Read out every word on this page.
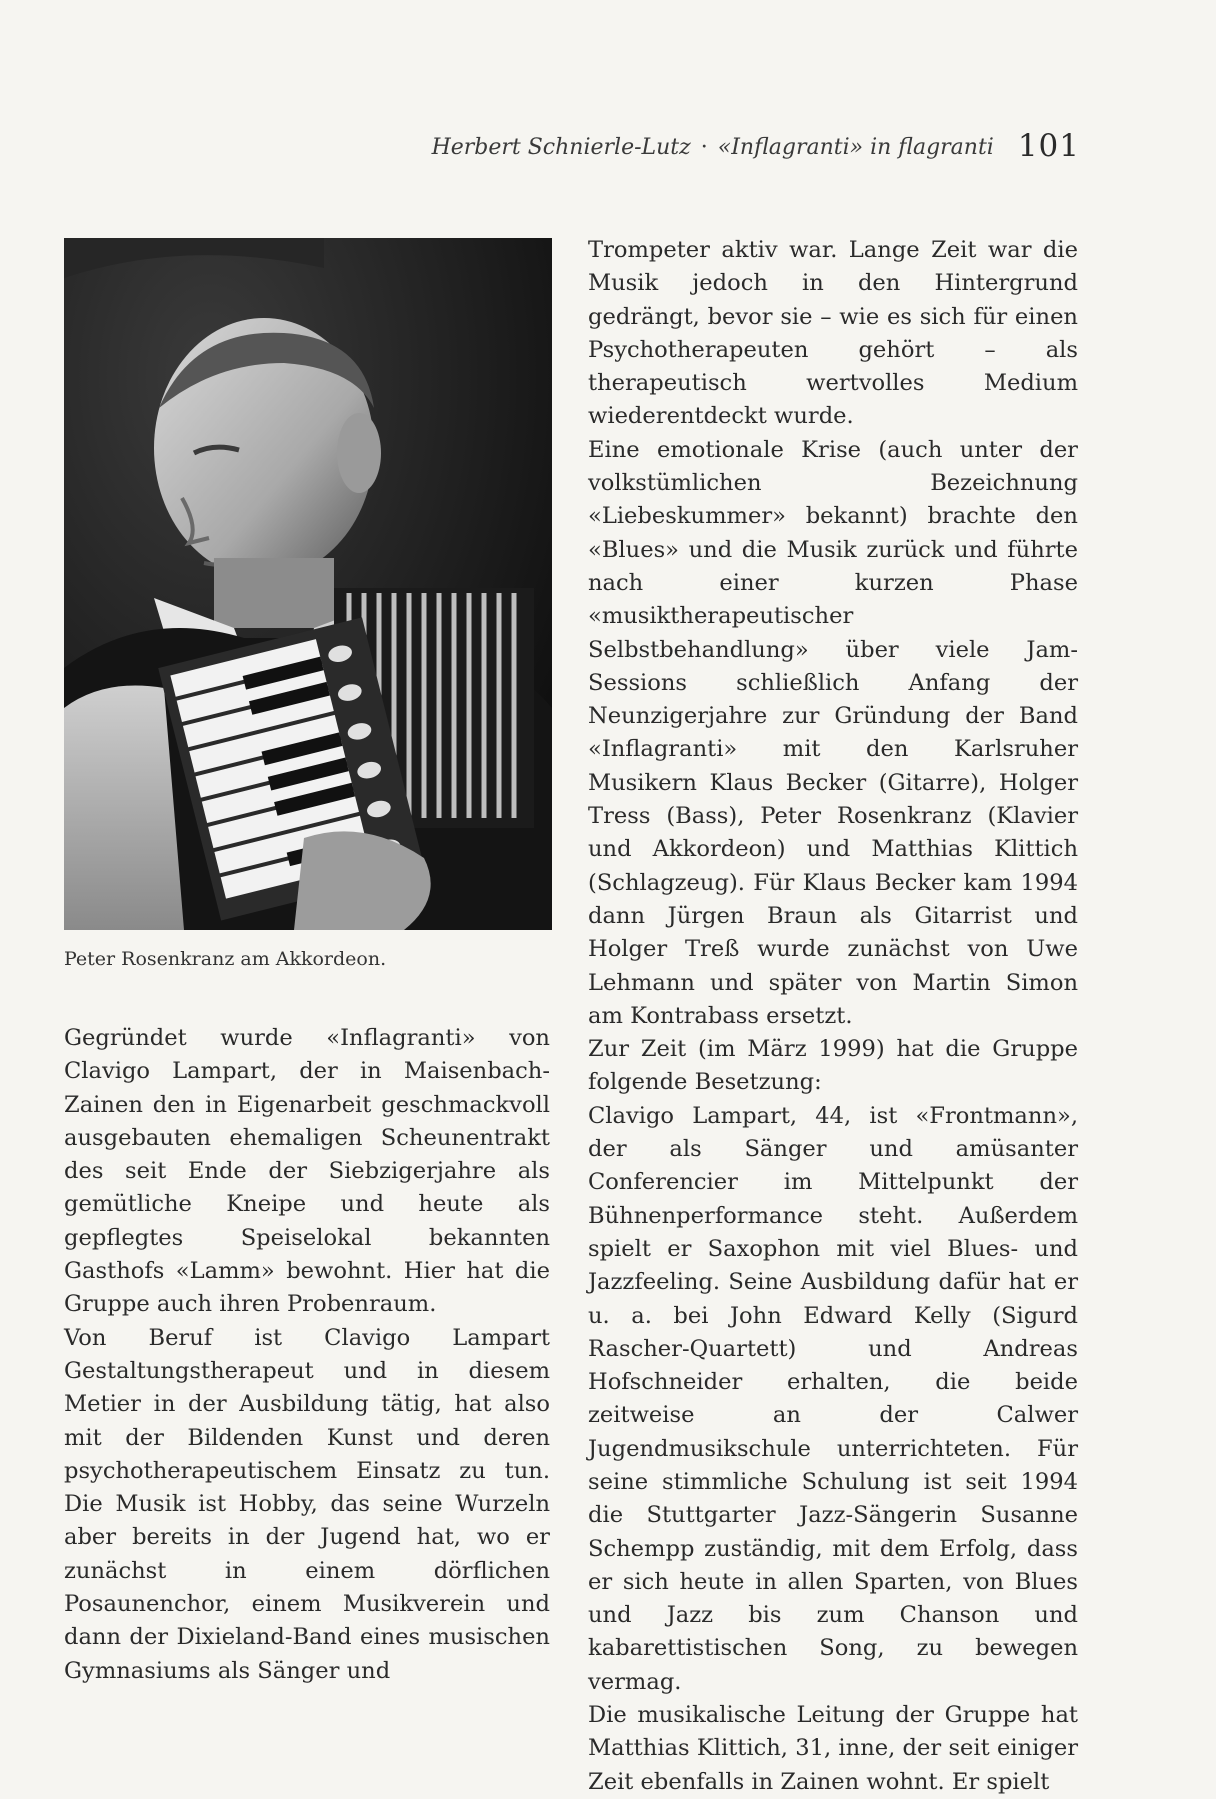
Herbert Schnierle-Lutz · «Inflagranti» in flagranti 101
Peter Rosenkranz am Akkordeon.

Gegründet wurde «Inflagranti» von Clavigo Lampart, der in Maisenbach-Zainen den in Eigenarbeit geschmackvoll ausgebauten ehemaligen Scheunentrakt des seit Ende der Siebzigerjahre als gemütliche Kneipe und heute als gepflegtes Speiselokal bekannten Gasthofs «Lamm» bewohnt. Hier hat die Gruppe auch ihren Probenraum.

Von Beruf ist Clavigo Lampart Gestaltungstherapeut und in diesem Metier in der Ausbildung tätig, hat also mit der Bildenden Kunst und deren psychotherapeutischem Einsatz zu tun. Die Musik ist Hobby, das seine Wurzeln aber bereits in der Jugend hat, wo er zunächst in einem dörflichen Posaunenchor, einem Musikverein und dann der Dixieland-Band eines musischen Gymnasiums als Sänger und

Trompeter aktiv war. Lange Zeit war die Musik jedoch in den Hintergrund gedrängt, bevor sie – wie es sich für einen Psychotherapeuten gehört – als therapeutisch wertvolles Medium wiederentdeckt wurde.

Eine emotionale Krise (auch unter der volkstümlichen Bezeichnung «Liebeskummer» bekannt) brachte den «Blues» und die Musik zurück und führte nach einer kurzen Phase «musiktherapeutischer Selbstbehandlung» über viele Jam-Sessions schließlich Anfang der Neunzigerjahre zur Gründung der Band «Inflagranti» mit den Karlsruher Musikern Klaus Becker (Gitarre), Holger Tress (Bass), Peter Rosenkranz (Klavier und Akkordeon) und Matthias Klittich (Schlagzeug). Für Klaus Becker kam 1994 dann Jürgen Braun als Gitarrist und Holger Treß wurde zunächst von Uwe Lehmann und später von Martin Simon am Kontrabass ersetzt.

Zur Zeit (im März 1999) hat die Gruppe folgende Besetzung:

Clavigo Lampart, 44, ist «Frontmann», der als Sänger und amüsanter Conferencier im Mittelpunkt der Bühnenperformance steht. Außerdem spielt er Saxophon mit viel Blues- und Jazzfeeling. Seine Ausbildung dafür hat er u. a. bei John Edward Kelly (Sigurd Rascher-Quartett) und Andreas Hofschneider erhalten, die beide zeitweise an der Calwer Jugendmusikschule unterrichteten. Für seine stimmliche Schulung ist seit 1994 die Stuttgarter Jazz-Sängerin Susanne Schempp zuständig, mit dem Erfolg, dass er sich heute in allen Sparten, von Blues und Jazz bis zum Chanson und kabarettistischen Song, zu bewegen vermag.

Die musikalische Leitung der Gruppe hat Matthias Klittich, 31, inne, der seit einiger Zeit ebenfalls in Zainen wohnt. Er spielt
